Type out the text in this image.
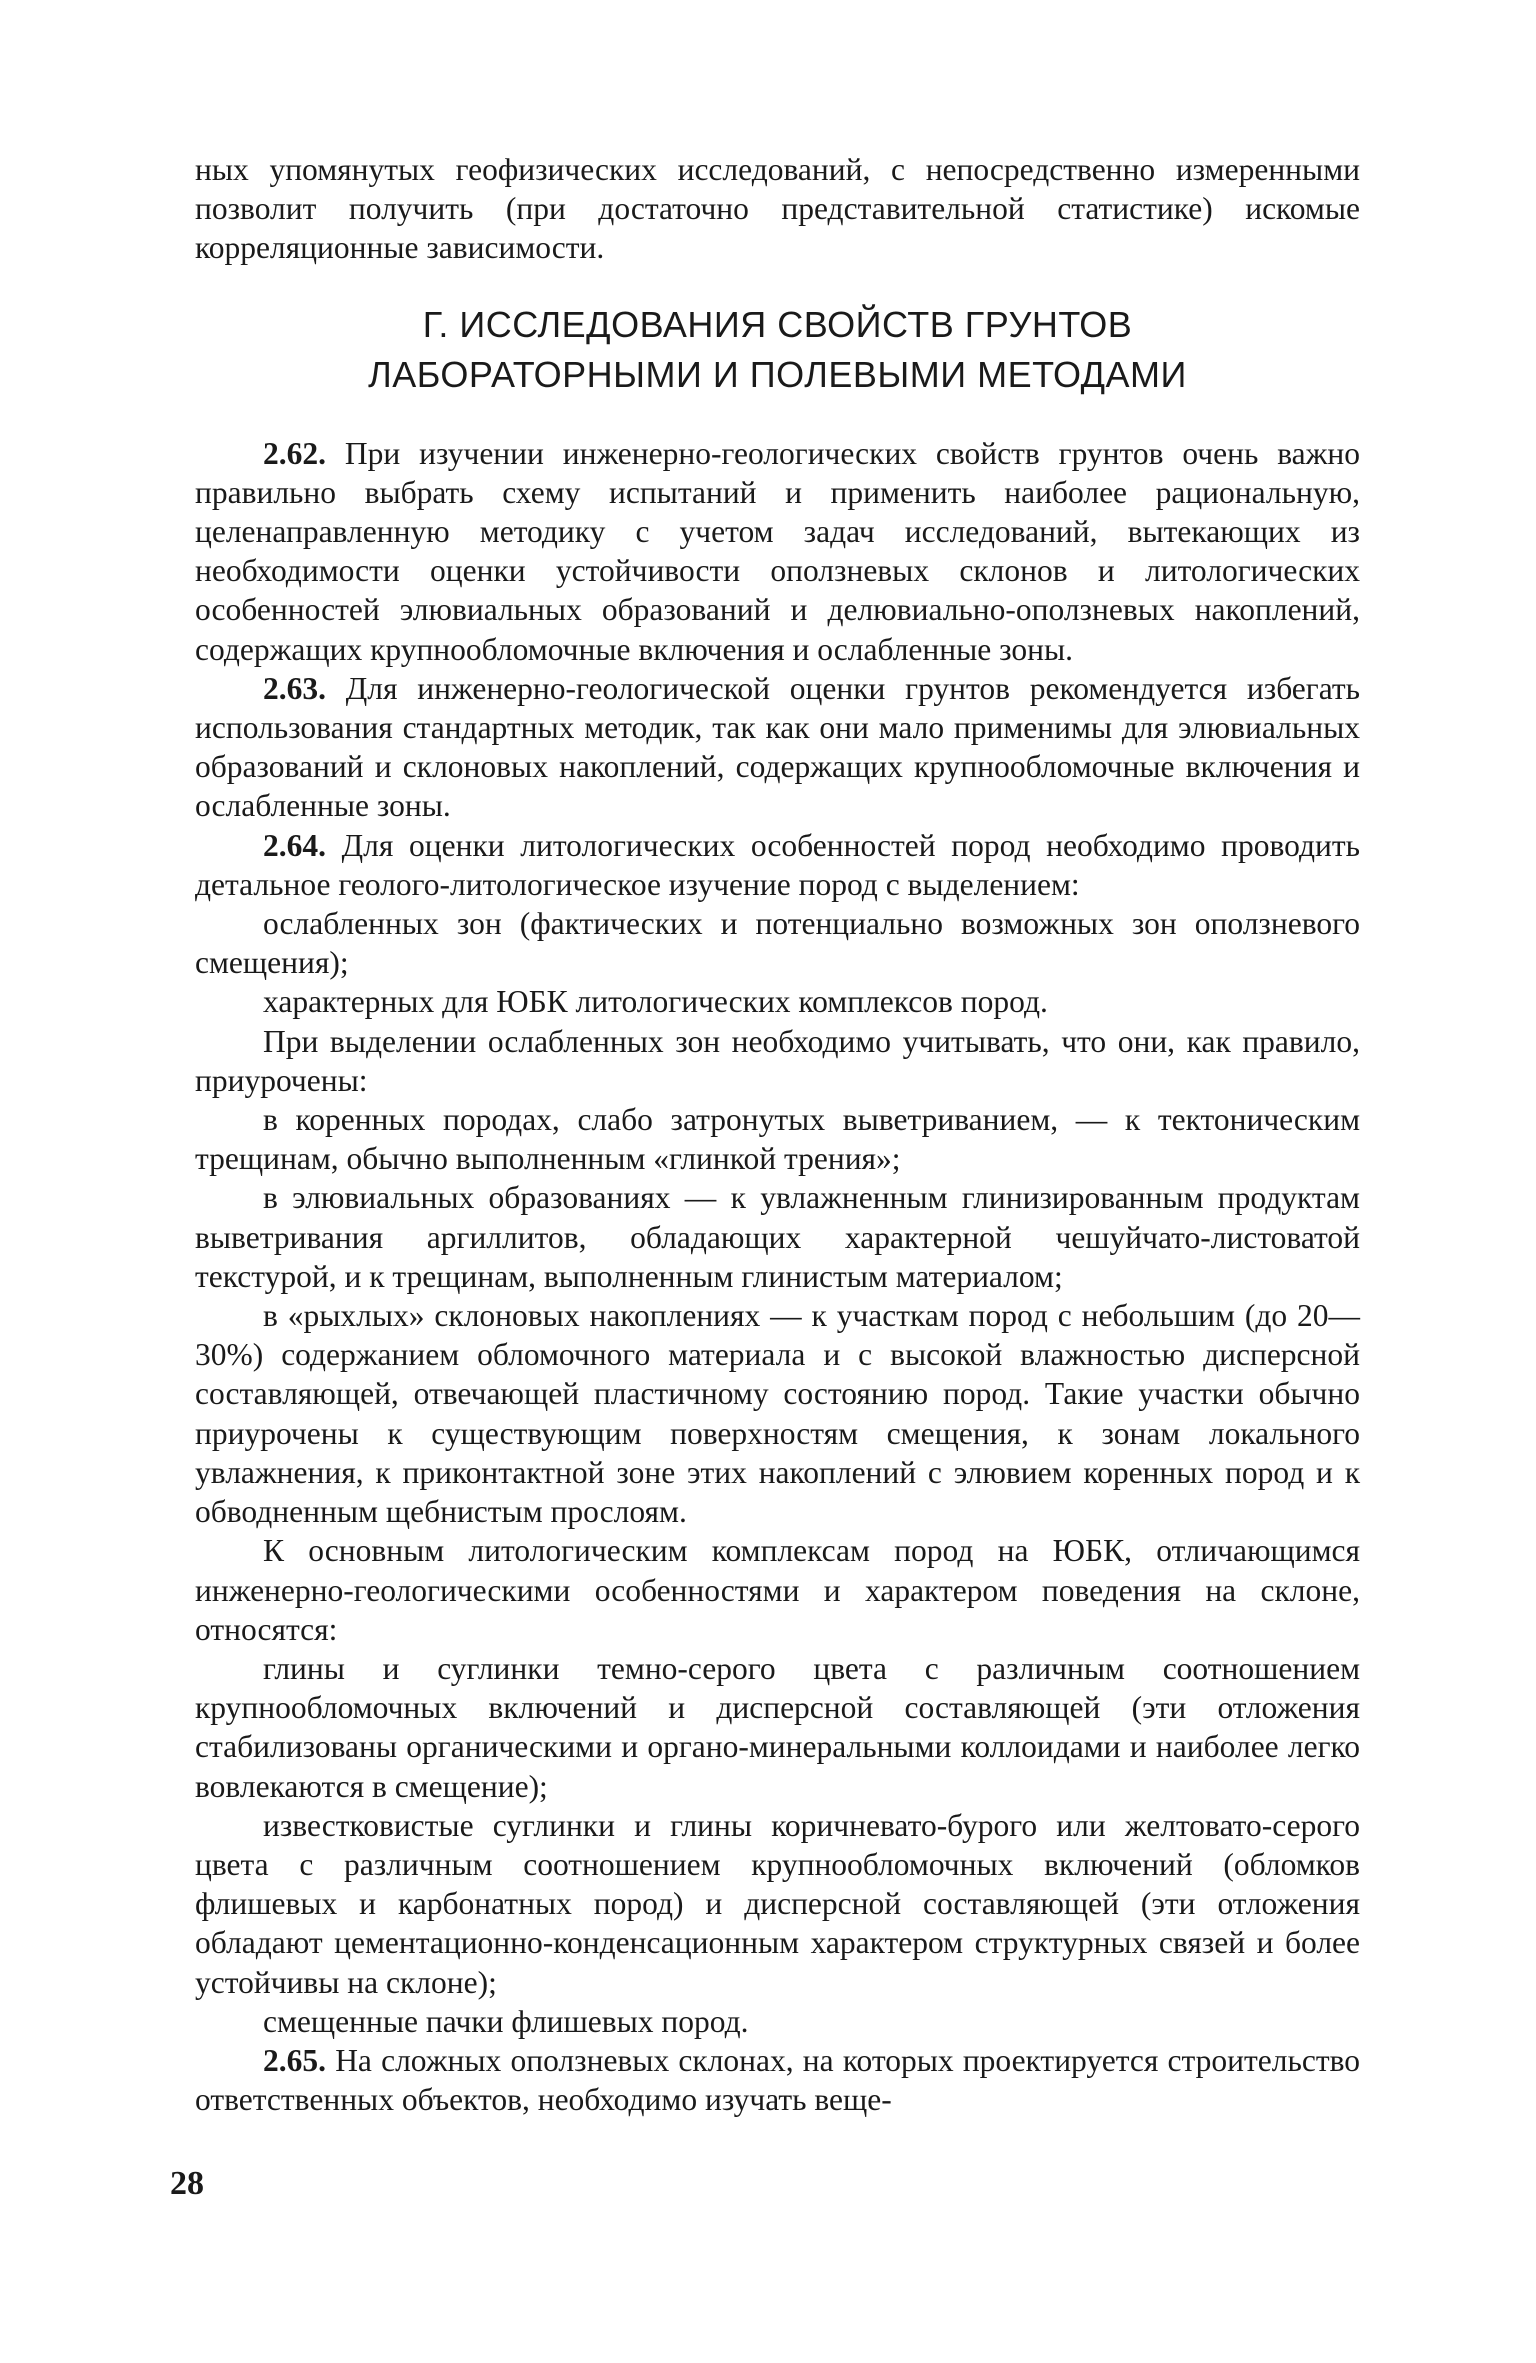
ных упомянутых геофизических исследований, с непосредственно измеренными позволит получить (при достаточно представительной статистике) искомые корреляционные зависимости.

Г. ИССЛЕДОВАНИЯ СВОЙСТВ ГРУНТОВ
ЛАБОРАТОРНЫМИ И ПОЛЕВЫМИ МЕТОДАМИ

2.62. При изучении инженерно-геологических свойств грунтов очень важно правильно выбрать схему испытаний и применить наиболее рациональную, целенаправленную методику с учетом задач исследований, вытекающих из необходимости оценки устойчивости оползневых склонов и литологических особенностей элювиальных образований и делювиально-оползневых накоплений, содержащих крупнообломочные включения и ослабленные зоны.

2.63. Для инженерно-геологической оценки грунтов рекомендуется избегать использования стандартных методик, так как они мало применимы для элювиальных образований и склоновых накоплений, содержащих крупнообломочные включения и ослабленные зоны.

2.64. Для оценки литологических особенностей пород необходимо проводить детальное геолого-литологическое изучение пород с выделением:

ослабленных зон (фактических и потенциально возможных зон оползневого смещения);

характерных для ЮБК литологических комплексов пород.

При выделении ослабленных зон необходимо учитывать, что они, как правило, приурочены:

в коренных породах, слабо затронутых выветриванием, — к тектоническим трещинам, обычно выполненным «глинкой трения»;

в элювиальных образованиях — к увлажненным глинизированным продуктам выветривания аргиллитов, обладающих характерной чешуйчато-листоватой текстурой, и к трещинам, выполненным глинистым материалом;

в «рыхлых» склоновых накоплениях — к участкам пород с небольшим (до 20—30%) содержанием обломочного материала и с высокой влажностью дисперсной составляющей, отвечающей пластичному состоянию пород. Такие участки обычно приурочены к существующим поверхностям смещения, к зонам локального увлажнения, к приконтактной зоне этих накоплений с элювием коренных пород и к обводненным щебнистым прослоям.

К основным литологическим комплексам пород на ЮБК, отличающимся инженерно-геологическими особенностями и характером поведения на склоне, относятся:

глины и суглинки темно-серого цвета с различным соотношением крупнообломочных включений и дисперсной составляющей (эти отложения стабилизованы органическими и органо-минеральными коллоидами и наиболее легко вовлекаются в смещение);

известковистые суглинки и глины коричневато-бурого или желтовато-серого цвета с различным соотношением крупнообломочных включений (обломков флишевых и карбонатных пород) и дисперсной составляющей (эти отложения обладают цементационно-конденсационным характером структурных связей и более устойчивы на склоне);

смещенные пачки флишевых пород.

2.65. На сложных оползневых склонах, на которых проектируется строительство ответственных объектов, необходимо изучать веще-

28
